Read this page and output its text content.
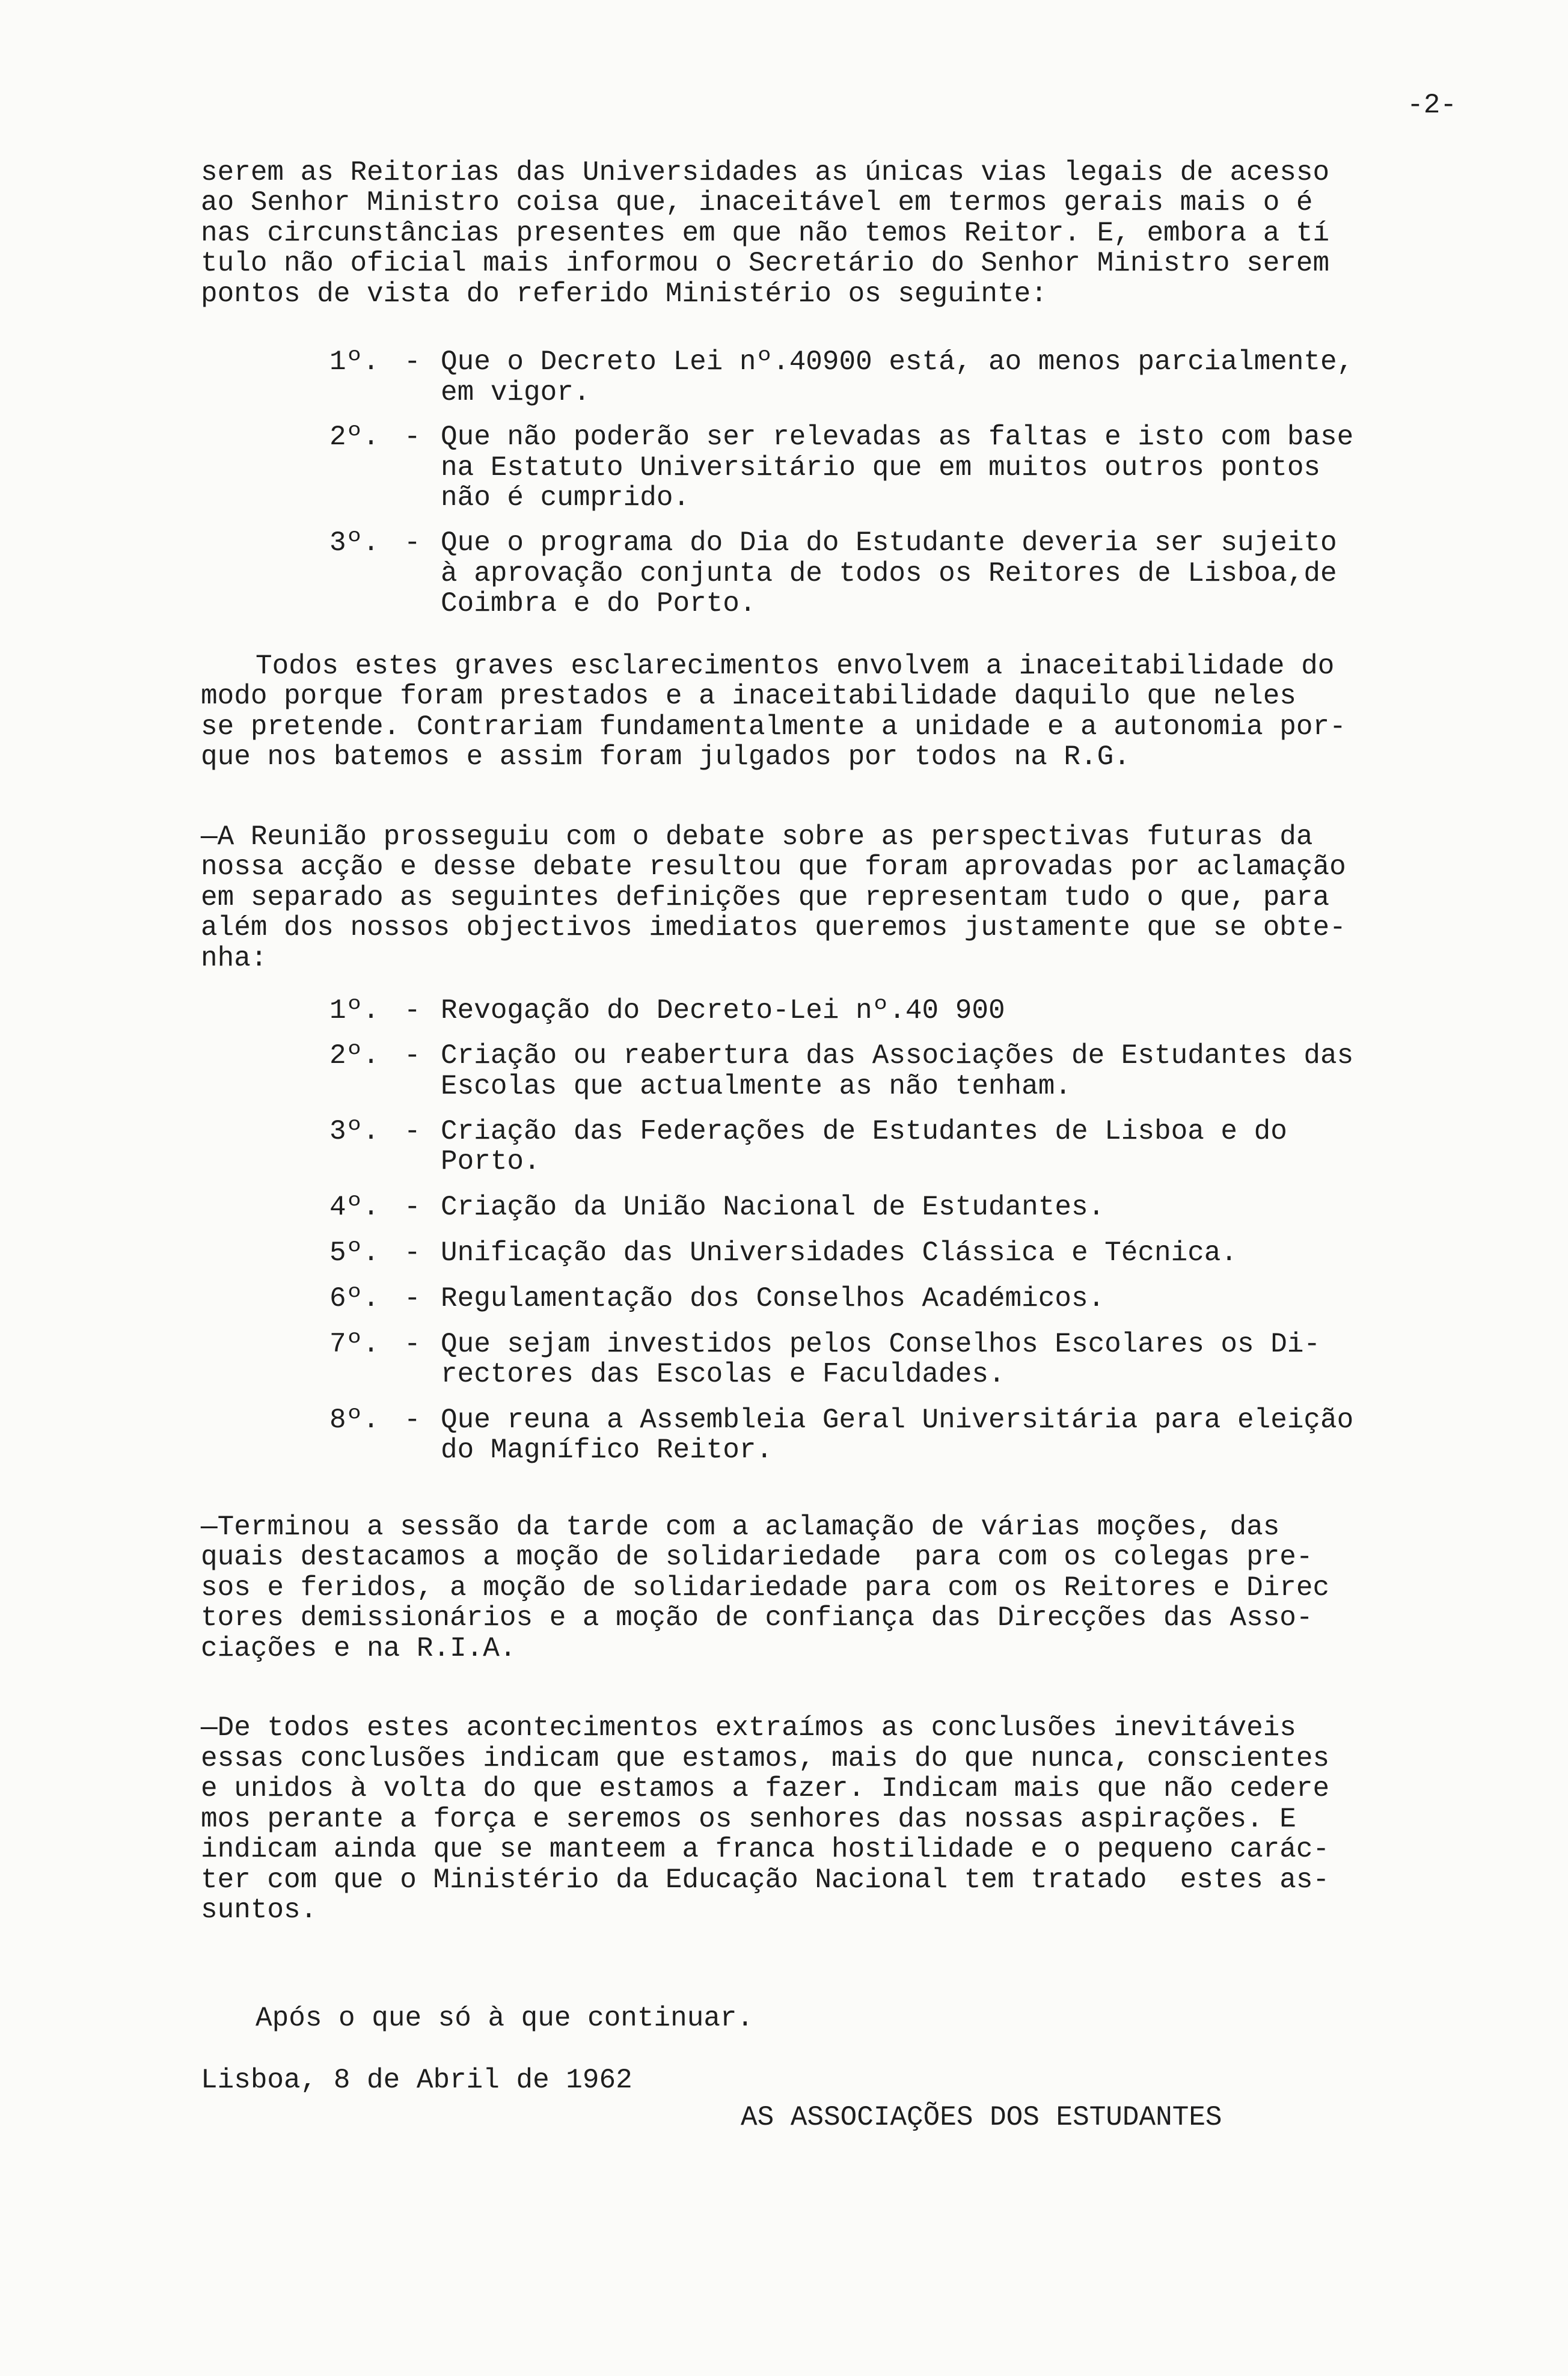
-2-
serem as Reitorias das Universidades as únicas vias legais de acesso
ao Senhor Ministro coisa que, inaceitável em termos gerais mais o é
nas circunstâncias presentes em que não temos Reitor. E, embora a tí
tulo não oficial mais informou o Secretário do Senhor Ministro serem
pontos de vista do referido Ministério os seguinte:
1º. - Que o Decreto Lei nº.40900 está, ao menos parcialmente,
em vigor.
2º. - Que não poderão ser relevadas as faltas e isto com base
na Estatuto Universitário que em muitos outros pontos
não é cumprido.
3º. - Que o programa do Dia do Estudante deveria ser sujeito
à aprovação conjunta de todos os Reitores de Lisboa,de
Coimbra e do Porto.
Todos estes graves esclarecimentos envolvem a inaceitabilidade do
modo porque foram prestados e a inaceitabilidade daquilo que neles
se pretende. Contrariam fundamentalmente a unidade e a autonomia por-
que nos batemos e assim foram julgados por todos na R.G.
—A Reunião prosseguiu com o debate sobre as perspectivas futuras da
nossa acção e desse debate resultou que foram aprovadas por aclamação
em separado as seguintes definições que representam tudo o que, para
além dos nossos objectivos imediatos queremos justamente que se obte-
nha:
1º. - Revogação do Decreto-Lei nº.40 900
2º. - Criação ou reabertura das Associações de Estudantes das
Escolas que actualmente as não tenham.
3º. - Criação das Federações de Estudantes de Lisboa e do
Porto.
4º. - Criação da União Nacional de Estudantes.
5º. - Unificação das Universidades Clássica e Técnica.
6º. - Regulamentação dos Conselhos Académicos.
7º. - Que sejam investidos pelos Conselhos Escolares os Di-
rectores das Escolas e Faculdades.
8º. - Que reuna a Assembleia Geral Universitária para eleição
do Magnífico Reitor.
—Terminou a sessão da tarde com a aclamação de várias moções, das
quais destacamos a moção de solidariedade  para com os colegas pre-
sos e feridos, a moção de solidariedade para com os Reitores e Direc
tores demissionários e a moção de confiança das Direcções das Asso-
ciações e na R.I.A.
—De todos estes acontecimentos extraímos as conclusões inevitáveis
essas conclusões indicam que estamos, mais do que nunca, conscientes
e unidos à volta do que estamos a fazer. Indicam mais que não cedere
mos perante a força e seremos os senhores das nossas aspirações. E
indicam ainda que se manteem a franca hostilidade e o pequeno carác-
ter com que o Ministério da Educação Nacional tem tratado  estes as-
suntos.
Após o que só à que continuar.
Lisboa, 8 de Abril de 1962
AS ASSOCIAÇÕES DOS ESTUDANTES
